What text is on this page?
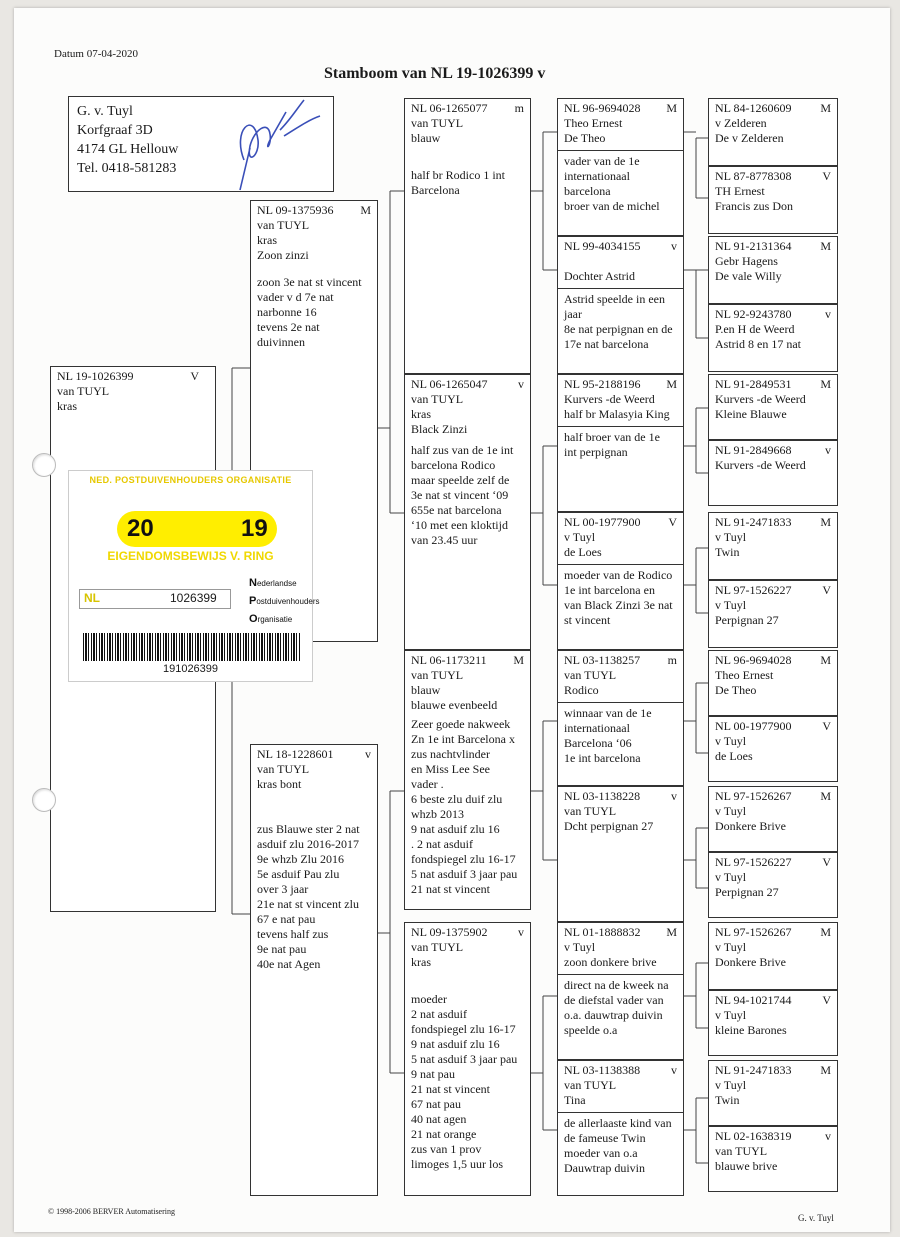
Datum 07-04-2020
Stamboom van NL 19-1026399 v
G. v. Tuyl
Korfgraaf 3D
4174 GL Hellouw
Tel. 0418-581283
NL 19-1026399	V
van TUYL
kras
NL 09-1375936 M
van TUYL
kras
Zoon zinzi
zoon 3e nat st vincent
vader v d 7e nat
narbonne 16
tevens 2e nat
duivinnen
NL 18-1228601	v
van TUYL
kras bont
zus Blauwe ster 2 nat
asduif zlu 2016-2017
9e whzb Zlu 2016
5e asduif Pau zlu
over 3 jaar
21e nat st vincent zlu
67 e nat pau
tevens half zus
9e nat pau
40e nat Agen
NL 06-1265077 m
van TUYL
blauw
half br Rodico 1 int
Barcelona
NL 06-1265047	v
van TUYL
kras
Black Zinzi
half zus van de 1e int
barcelona Rodico
maar speelde zelf de
3e nat st vincent ‘09
655e nat barcelona
‘10 met een kloktijd
van 23.45 uur
NL 06-1173211 M
van TUYL
blauw
blauwe evenbeeld
Zeer goede nakweek
Zn 1e int Barcelona x
zus nachtvlinder
en Miss Lee See
vader .
6 beste zlu duif zlu
whzb 2013
9 nat asduif zlu 16
. 2 nat asduif
fondspiegel zlu 16-17
5 nat asduif 3 jaar pau
21 nat st vincent
NL 09-1375902	v
van TUYL
kras
moeder
2 nat asduif
fondspiegel zlu 16-17
9 nat asduif zlu 16
5 nat asduif 3 jaar pau
9 nat pau
21 nat st vincent
67 nat pau
40 nat agen
21 nat orange
zus van 1 prov
limoges 1,5 uur los
NL 96-9694028 M
Theo Ernest
De Theo
vader van de 1e
internationaal
barcelona
broer van de michel
NL 99-4034155	v
Dochter Astrid
Astrid speelde in een
jaar
8e nat perpignan en de
17e nat barcelona
NL 95-2188196 M
Kurvers -de Weerd
half br Malasyia King
half broer van de 1e
int perpignan
NL 00-1977900 V
v Tuyl
de Loes
moeder van de Rodico
1e int barcelona en
van Black Zinzi 3e nat
st vincent
NL 03-1138257 m
van TUYL
Rodico
winnaar van de 1e
internationaal
Barcelona ‘06
1e int barcelona
NL 03-1138228	v
van TUYL
Dcht perpignan 27
NL 01-1888832 M
v Tuyl
zoon donkere brive
direct na de kweek na
de diefstal vader van
o.a. dauwtrap duivin
speelde o.a
NL 03-1138388	v
van TUYL
Tina
de allerlaaste kind van
de fameuse Twin
moeder van o.a
Dauwtrap duivin
NL 84-1260609 M
v Zelderen
De v Zelderen
NL 87-8778308	V
TH Ernest
Francis zus Don
NL 91-2131364 M
Gebr Hagens
De vale Willy
NL 92-9243780	v
P.en H de Weerd
Astrid 8 en 17 nat
NL 91-2849531 M
Kurvers -de Weerd
Kleine Blauwe
NL 91-2849668	v
Kurvers -de Weerd
NL 91-2471833 M
v Tuyl
Twin
NL 97-1526227	V
v Tuyl
Perpignan 27
NL 96-9694028 M
Theo Ernest
De Theo
NL 00-1977900	V
v Tuyl
de Loes
NL 97-1526267 M
v Tuyl
Donkere Brive
NL 97-1526227	V
v Tuyl
Perpignan 27
NL 97-1526267 M
v Tuyl
Donkere Brive
NL 94-1021744	V
v Tuyl
kleine Barones
NL 91-2471833 M
v Tuyl
Twin
NL 02-1638319	v
van TUYL
blauwe brive
NED. POSTDUIVENHOUDERS ORGANISATIE
20	19
EIGENDOMSBEWIJS V. RING
NL	1026399
Nederlandse
Postduivenhouders
Organisatie
191026399
© 1998-2006 BERVER Automatisering
G. v. Tuyl
